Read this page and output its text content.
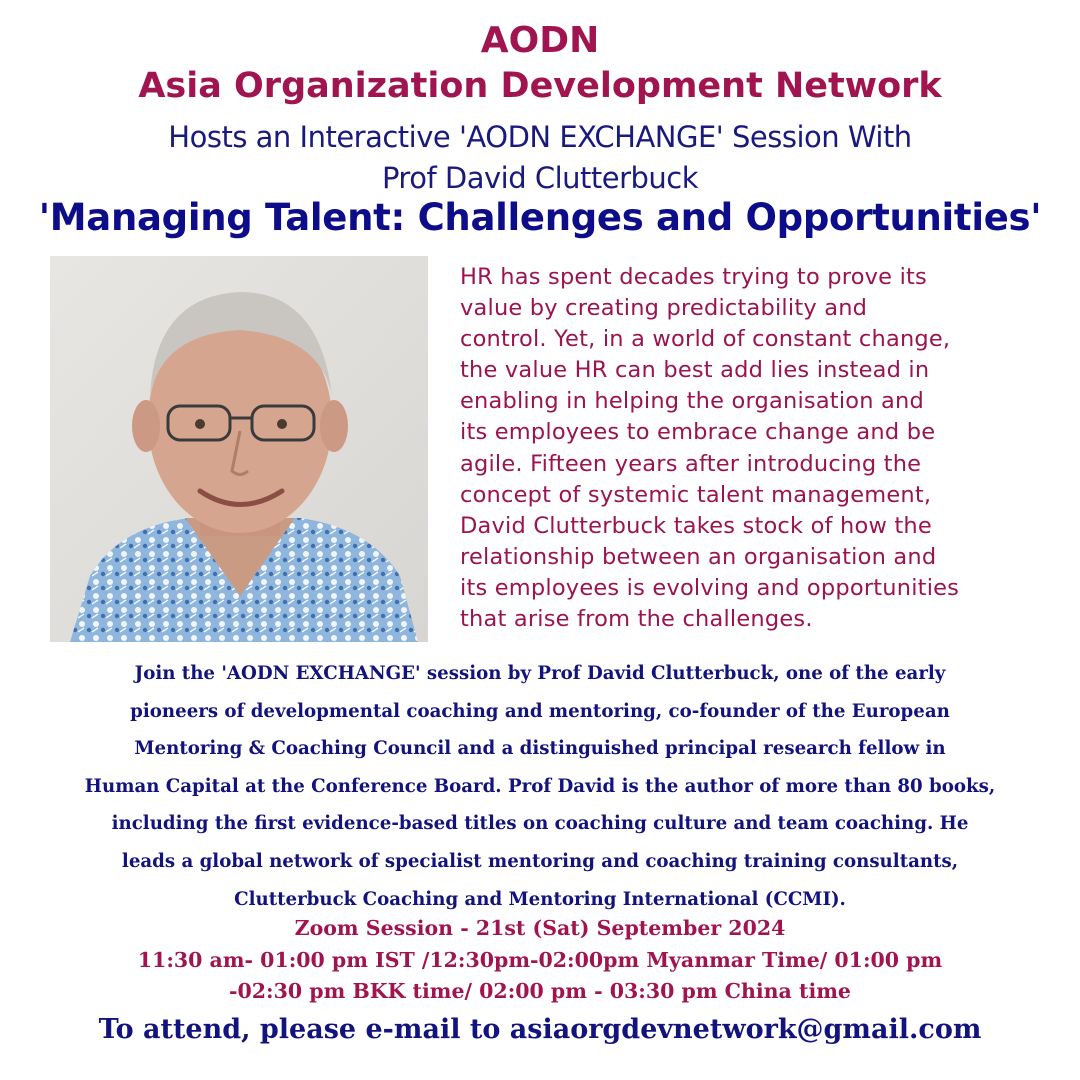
AODN
Asia Organization Development Network
Hosts an Interactive 'AODN EXCHANGE' Session With
Prof David Clutterbuck
'Managing Talent: Challenges and Opportunities'
HR has spent decades trying to prove its
value by creating predictability and
control. Yet, in a world of constant change,
the value HR can best add lies instead in
enabling in helping the organisation and
its employees to embrace change and be
agile. Fifteen years after introducing the
concept of systemic talent management,
David Clutterbuck takes stock of how the
relationship between an organisation and
its employees is evolving and opportunities
that arise from the challenges.
Join the 'AODN EXCHANGE' session by Prof David Clutterbuck, one of the early
pioneers of developmental coaching and mentoring, co-founder of the European
Mentoring & Coaching Council and a distinguished principal research fellow in
Human Capital at the Conference Board. Prof David is the author of more than 80 books,
including the first evidence-based titles on coaching culture and team coaching. He
leads a global network of specialist mentoring and coaching training consultants,
Clutterbuck Coaching and Mentoring International (CCMI).
Zoom Session - 21st (Sat) September 2024
11:30 am- 01:00 pm IST /12:30pm-02:00pm Myanmar Time/ 01:00 pm
-02:30 pm BKK time/ 02:00 pm - 03:30 pm China time
To attend, please e-mail to asiaorgdevnetwork@gmail.com
